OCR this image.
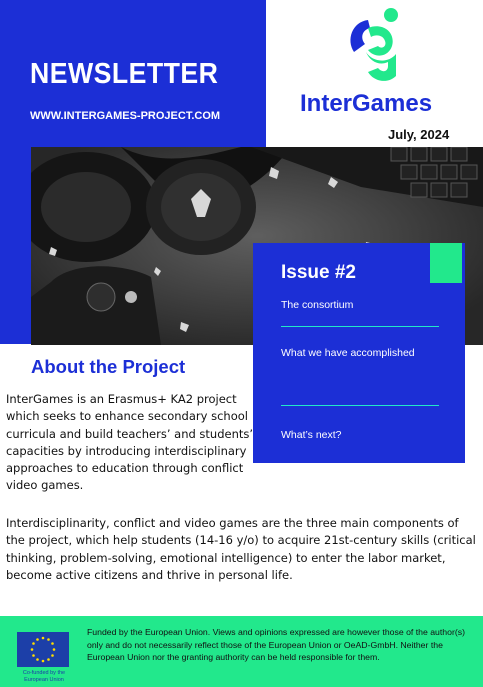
NEWSLETTER
WWW.INTERGAMES-PROJECT.COM	InterGames
July, 2024
Issue #2
The consortium
What we have accomplished
What’s next?
About the Project

InterGames is an Erasmus+ KA2 project which seeks to enhance secondary school curricula and build teachers’ and students’ capacities by introducing interdisciplinary approaches to education through conflict video games.

Interdisciplinarity, conflict and video games are the three main components of the project, which help students (14-16 y/o) to acquire 21st-century skills (critical thinking, problem-solving, emotional intelligence) to enter the labor market, become active citizens and thrive in personal life.

Co-funded by the European Union

Funded by the European Union. Views and opinions expressed are however those of the author(s) only and do not necessarily reflect those of the European Union or OeAD-GmbH. Neither the European Union nor the granting authority can be held responsible for them.
